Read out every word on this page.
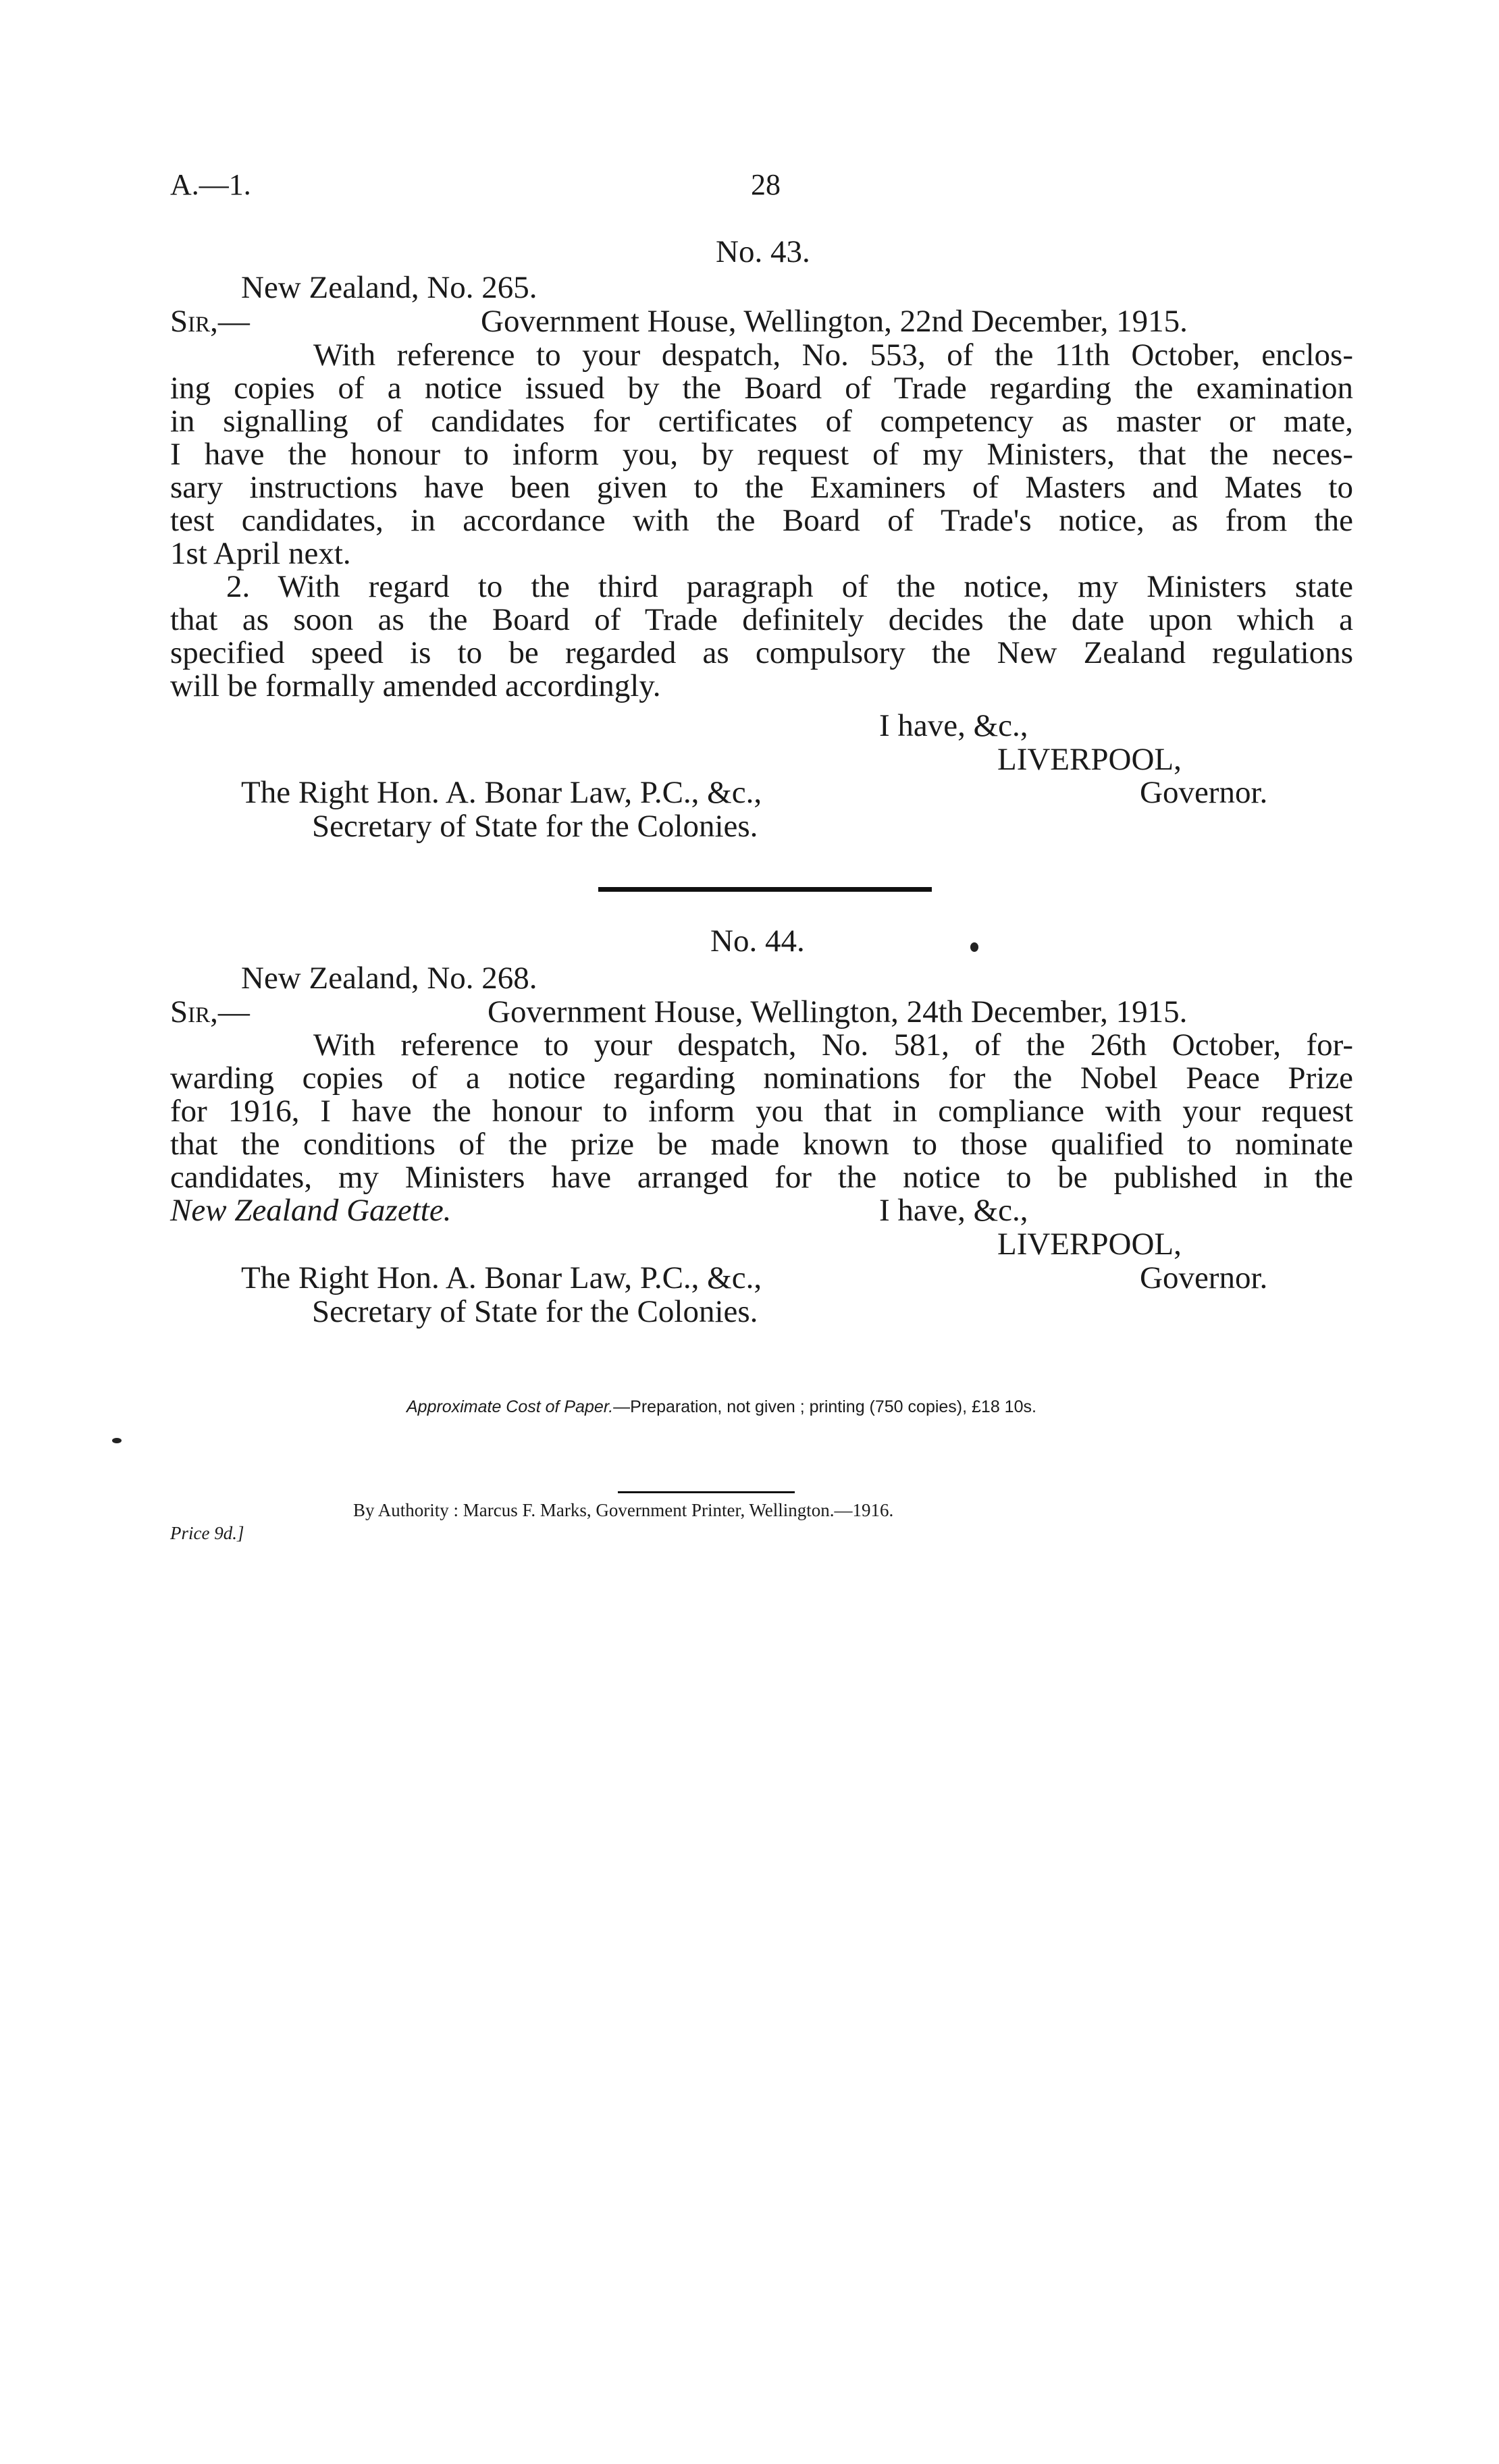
A.—1.	28
No. 43.
New Zealand, No. 265.
Sir,—	Government House, Wellington, 22nd December, 1915.
With reference to your despatch, No. 553, of the 11th October, enclos-
ing copies of a notice issued by the Board of Trade regarding the examination
in signalling of candidates for certificates of competency as master or mate,
I have the honour to inform you, by request of my Ministers, that the neces-
sary instructions have been given to the Examiners of Masters and Mates to
test candidates, in accordance with the Board of Trade's notice, as from the
1st April next.
2. With regard to the third paragraph of the notice, my Ministers state
that as soon as the Board of Trade definitely decides the date upon which a
specified speed is to be regarded as compulsory the New Zealand regulations
will be formally amended accordingly.
I have, &c.,
LIVERPOOL,
The Right Hon. A. Bonar Law, P.C., &c.,	Governor.
Secretary of State for the Colonies.
No. 44.
New Zealand, No. 268.
Sir,—	Government House, Wellington, 24th December, 1915.
With reference to your despatch, No. 581, of the 26th October, for-
warding copies of a notice regarding nominations for the Nobel Peace Prize
for 1916, I have the honour to inform you that in compliance with your request
that the conditions of the prize be made known to those qualified to nominate
candidates, my Ministers have arranged for the notice to be published in the
New Zealand Gazette.	I have, &c.,
LIVERPOOL,
The Right Hon. A. Bonar Law, P.C., &c.,	Governor.
Secretary of State for the Colonies.
Approximate Cost of Paper.—Preparation, not given ; printing (750 copies), £18 10s.
By Authority : Marcus F. Marks, Government Printer, Wellington.—1916.
Price 9d.]
